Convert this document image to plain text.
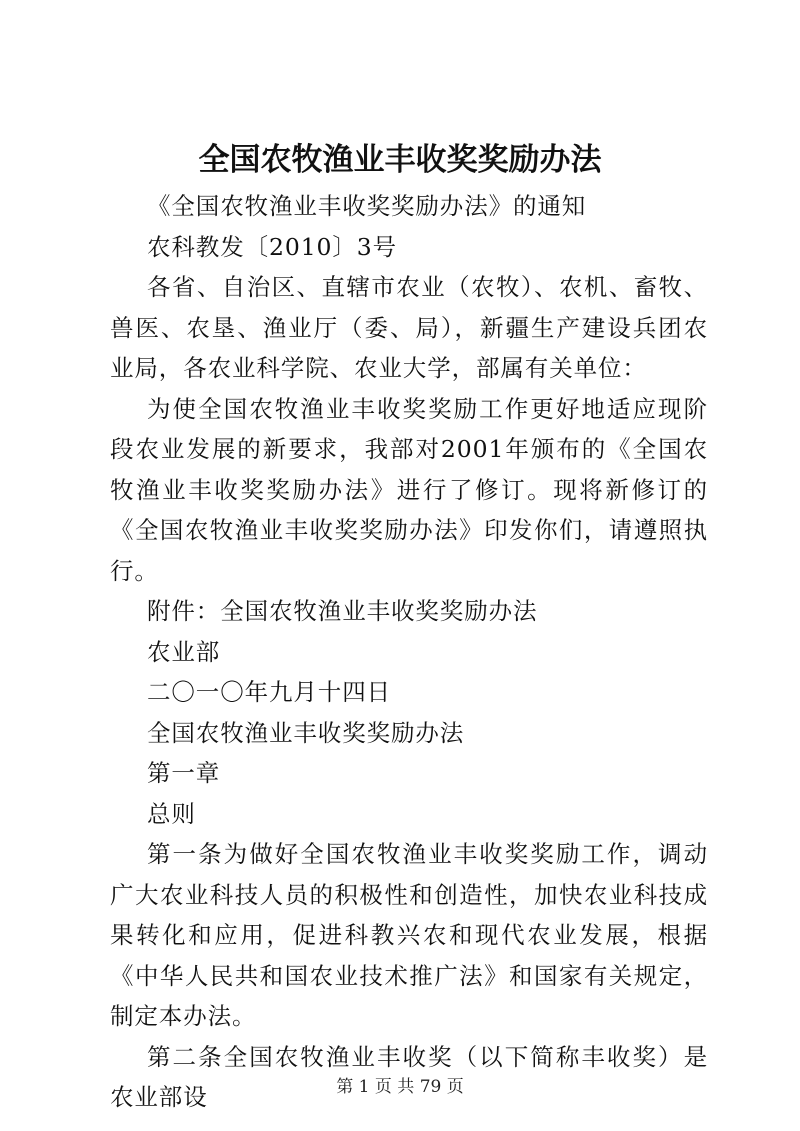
全国农牧渔业丰收奖奖励办法

《全国农牧渔业丰收奖奖励办法》的通知

农科教发〔2010〕3号

各省、自治区、直辖市农业（农牧）、农机、畜牧、兽医、农垦、渔业厅（委、局），新疆生产建设兵团农业局，各农业科学院、农业大学，部属有关单位：

为使全国农牧渔业丰收奖奖励工作更好地适应现阶段农业发展的新要求，我部对2001年颁布的《全国农牧渔业丰收奖奖励办法》进行了修订。现将新修订的《全国农牧渔业丰收奖奖励办法》印发你们，请遵照执行。

附件：全国农牧渔业丰收奖奖励办法

农业部

二〇一〇年九月十四日

全国农牧渔业丰收奖奖励办法

第一章

总则

第一条为做好全国农牧渔业丰收奖奖励工作，调动广大农业科技人员的积极性和创造性，加快农业科技成果转化和应用，促进科教兴农和现代农业发展，根据《中华人民共和国农业技术推广法》和国家有关规定，制定本办法。

第二条全国农牧渔业丰收奖（以下简称丰收奖）是农业部设	第 1 页 共 79 页
